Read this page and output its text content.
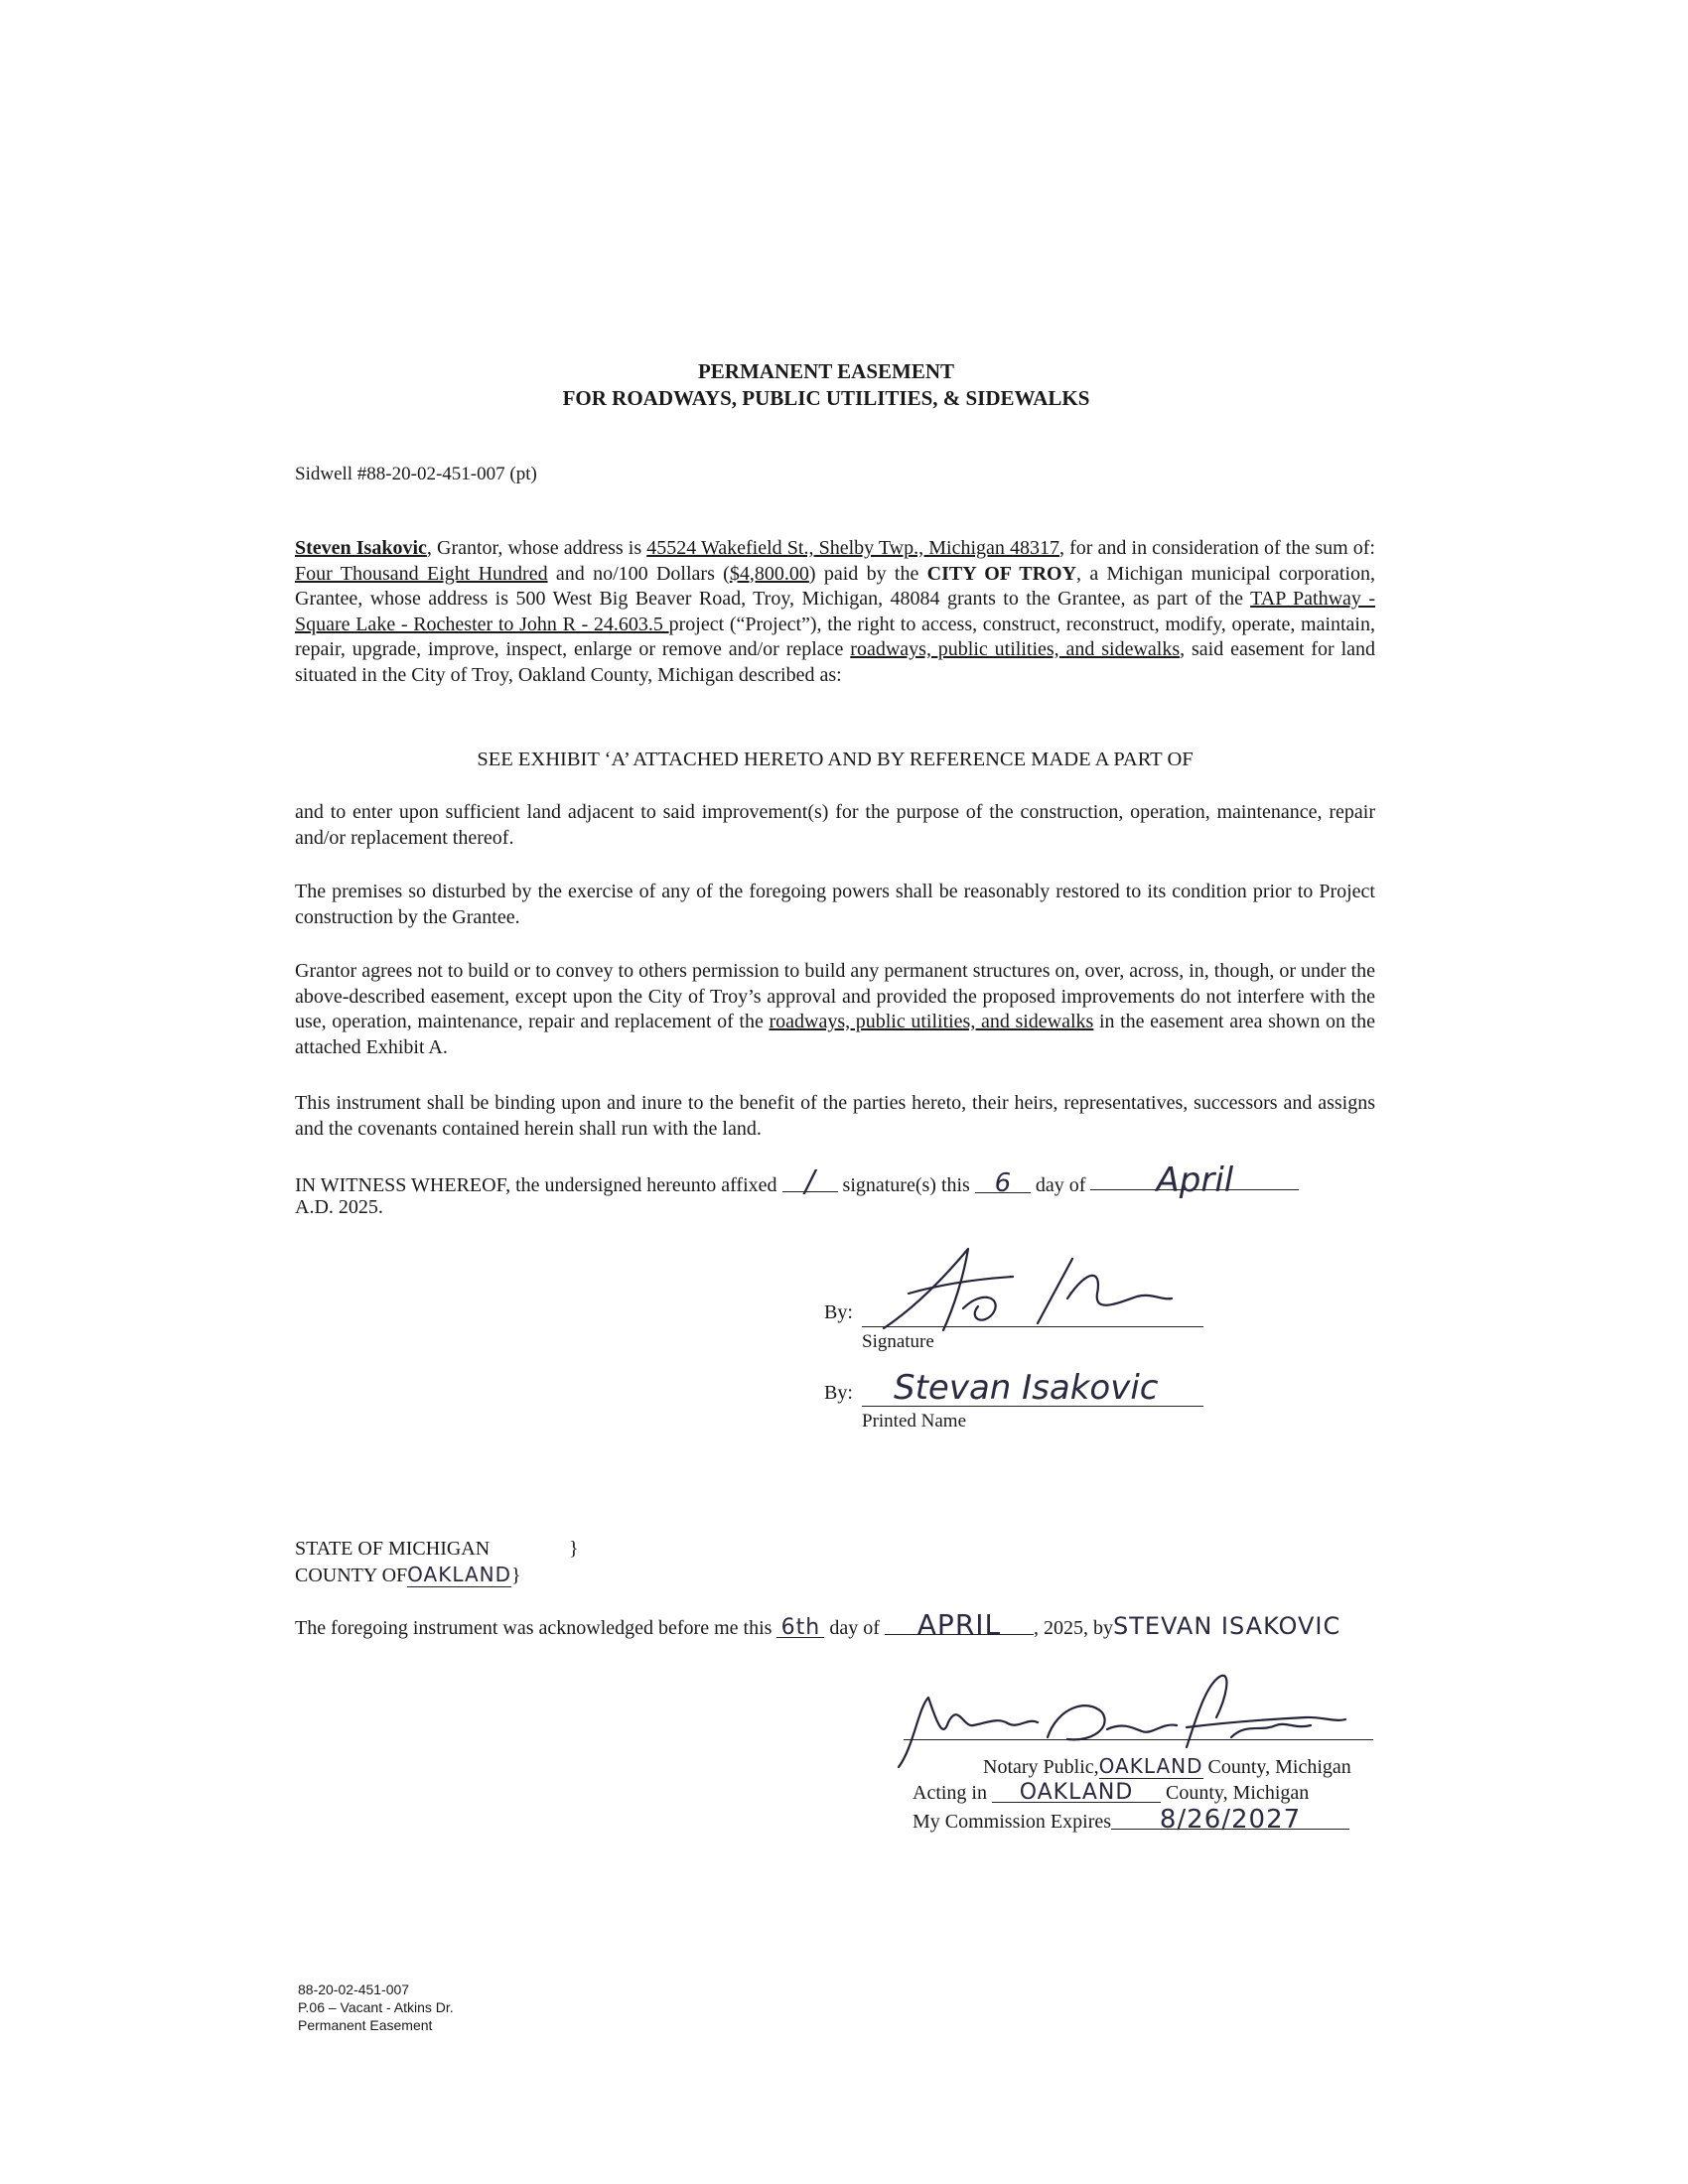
PERMANENT EASEMENT
FOR ROADWAYS, PUBLIC UTILITIES, & SIDEWALKS
Sidwell #88-20-02-451-007 (pt)
Steven Isakovic, Grantor, whose address is 45524 Wakefield St., Shelby Twp., Michigan 48317, for and in consideration of the sum of: Four Thousand Eight Hundred and no/100 Dollars ($4,800.00) paid by the CITY OF TROY, a Michigan municipal corporation, Grantee, whose address is 500 West Big Beaver Road, Troy, Michigan, 48084 grants to the Grantee, as part of the TAP Pathway - Square Lake - Rochester to John R - 24.603.5 project (“Project”), the right to access, construct, reconstruct, modify, operate, maintain, repair, upgrade, improve, inspect, enlarge or remove and/or replace roadways, public utilities, and sidewalks, said easement for land situated in the City of Troy, Oakland County, Michigan described as:
SEE EXHIBIT ‘A’ ATTACHED HERETO AND BY REFERENCE MADE A PART OF
and to enter upon sufficient land adjacent to said improvement(s) for the purpose of the construction, operation, maintenance, repair and/or replacement thereof.
The premises so disturbed by the exercise of any of the foregoing powers shall be reasonably restored to its condition prior to Project construction by the Grantee.
Grantor agrees not to build or to convey to others permission to build any permanent structures on, over, across, in, though, or under the above-described easement, except upon the City of Troy’s approval and provided the proposed improvements do not interfere with the use, operation, maintenance, repair and replacement of the roadways, public utilities, and sidewalks in the easement area shown on the attached Exhibit A.
This instrument shall be binding upon and inure to the benefit of the parties hereto, their heirs, representatives, successors and assigns and the covenants contained herein shall run with the land.
IN WITNESS WHEREOF, the undersigned hereunto affixed / signature(s) this 6 day of April
A.D. 2025.
By:
Signature
By: Stevan Isakovic
Printed Name
STATE OF MICHIGAN	}
COUNTY OFOAKLAND}
The foregoing instrument was acknowledged before me this 6th day of APRIL , 2025, bySTEVAN ISAKOVIC
Notary Public,OAKLAND County, Michigan
Acting in OAKLAND County, Michigan
My Commission Expires 8/26/2027
88-20-02-451-007
P.06 – Vacant - Atkins Dr.
Permanent Easement
